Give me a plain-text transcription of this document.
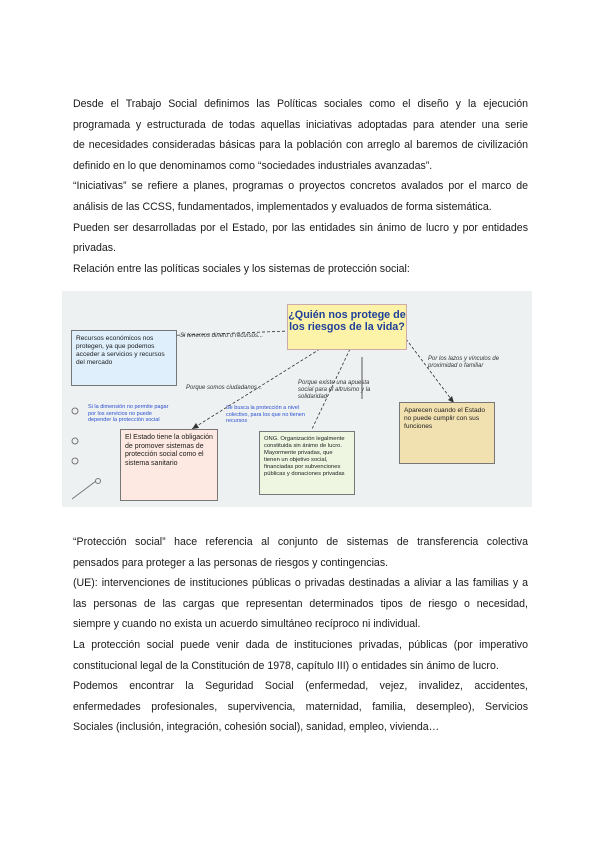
Desde el Trabajo Social definimos las Políticas sociales como el diseño y la ejecución
programada y estructurada de todas aquellas iniciativas adoptadas para atender una serie
de necesidades consideradas básicas para la población con arreglo al baremos de civilización
definido en lo que denominamos como “sociedades industriales avanzadas”.
“Iniciativas” se refiere a planes, programas o proyectos concretos avalados por el marco de
análisis de las CCSS, fundamentados, implementados y evaluados de forma sistemática.
Pueden ser desarrolladas por el Estado, por las entidades sin ánimo de lucro y por entidades
privadas.
Relación entre las políticas sociales y los sistemas de protección social:
¿Quién nos protege de los riesgos de la vida?
Recursos económicos nos protegen, ya que podemos acceder a servicios y recursos del mercado
El Estado tiene la obligación de promover sistemas de protección social como el sistema sanitario
ONG. Organización legalmente constituida sin ánimo de lucro. Mayormente privadas, que tienen un objetivo social, financiadas por subvenciones públicas y donaciones privadas
Aparecen cuando el Estado no puede cumplir con sus funciones
Si tenemos dinero o recursos...
Porque somos ciudadanos...
Porque existe una apuesta social para el altruismo y la solidaridad
Por los lazos y vínculos de proximidad o familiar
Si la dimensión no permite pagar por los servicios no puede depender la protección social
Se busca la protección a nivel colectivo, para los que no tienen recursos
“Protección social” hace referencia al conjunto de sistemas de transferencia colectiva
pensados para proteger a las personas de riesgos y contingencias.
(UE): intervenciones de instituciones públicas o privadas destinadas a aliviar a las familias y a
las personas de las cargas que representan determinados tipos de riesgo o necesidad,
siempre y cuando no exista un acuerdo simultáneo recíproco ni individual.
La protección social puede venir dada de instituciones privadas, públicas (por imperativo
constitucional legal de la Constitución de 1978, capítulo III) o entidades sin ánimo de lucro.
Podemos encontrar la Seguridad Social (enfermedad, vejez, invalidez, accidentes,
enfermedades profesionales, supervivencia, maternidad, familia, desempleo), Servicios
Sociales (inclusión, integración, cohesión social), sanidad, empleo, vivienda…
